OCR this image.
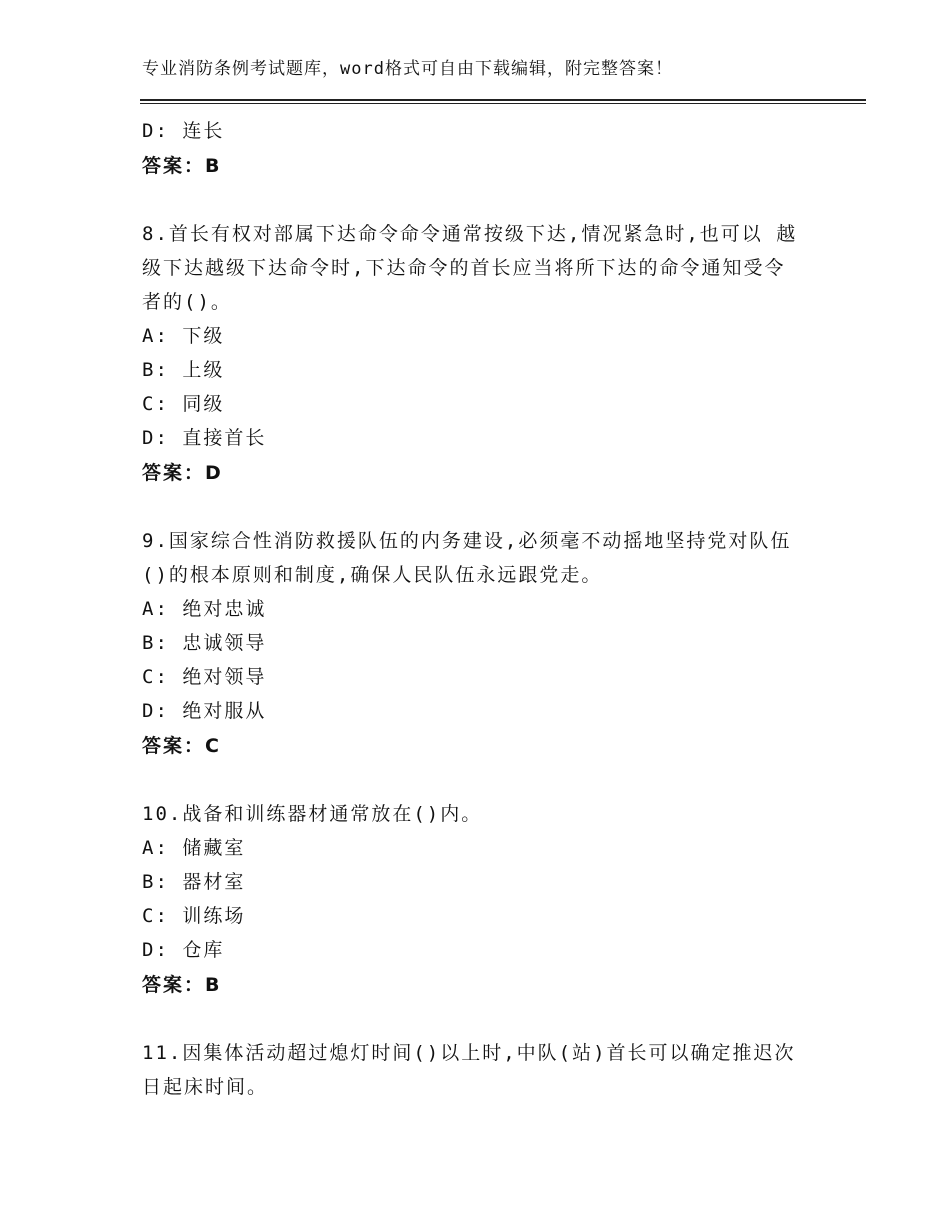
专业消防条例考试题库，word格式可自由下载编辑，附完整答案！
D: 连长
答案：B
8.首长有权对部属下达命令命令通常按级下达,情况紧急时,也可以 越
级下达越级下达命令时,下达命令的首长应当将所下达的命令通知受令
者的()。
A: 下级
B: 上级
C: 同级
D: 直接首长
答案：D
9.国家综合性消防救援队伍的内务建设,必须毫不动摇地坚持党对队伍
()的根本原则和制度,确保人民队伍永远跟党走。
A: 绝对忠诚
B: 忠诚领导
C: 绝对领导
D: 绝对服从
答案：C
10.战备和训练器材通常放在()内。
A: 储藏室
B: 器材室
C: 训练场
D: 仓库
答案：B
11.因集体活动超过熄灯时间()以上时,中队(站)首长可以确定推迟次
日起床时间。
